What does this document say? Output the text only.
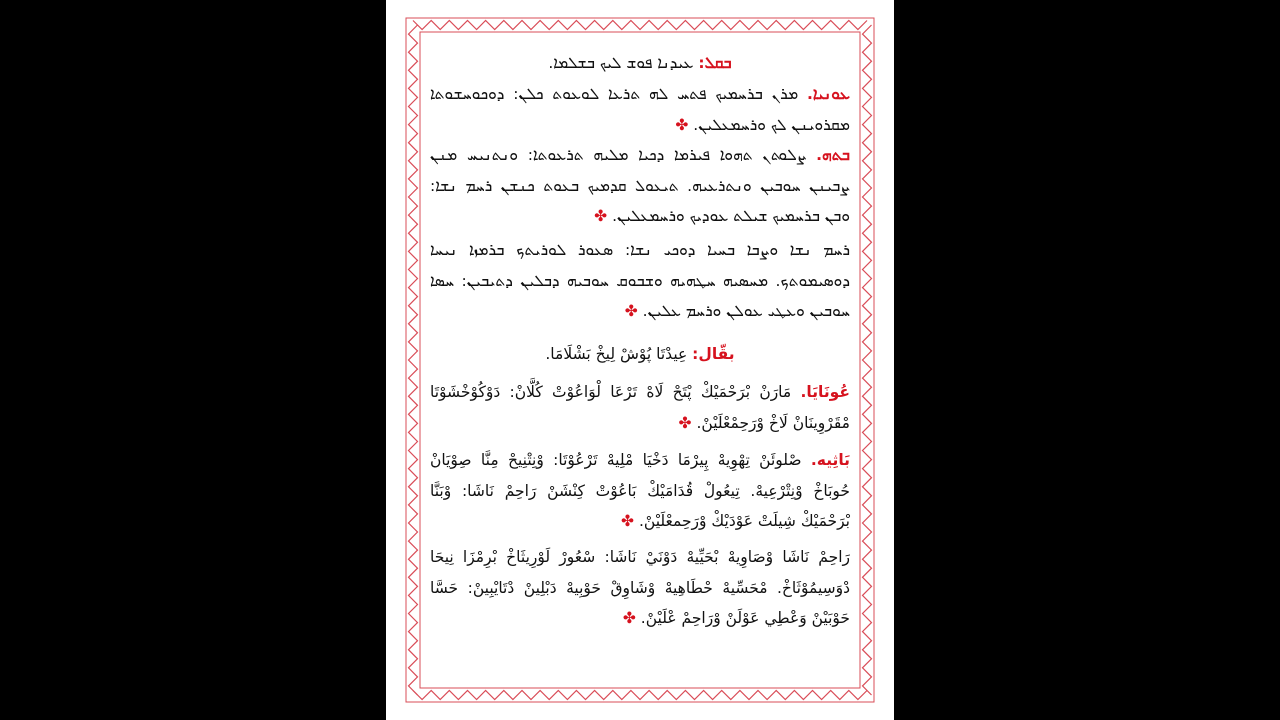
ܒܩܠ: ܥܝܕܢܐ ܦܘܫ ܠܝܟ ܒܫܠܡܐ.
ܥܘܢܝܐ. ܡܪܢ ܒܪܚܡܝܟ ܦܬܚ ܠܗ ܬܪܥܐ ܠܘܥܘܬ ܟܠܢ: ܕܘܟܘܚܫܘܬܐ ܡܩܪܘܝܢܢ ܠܟ ܘܪܚܡܥܠܝܢ. ✤
ܒܬܗ. ܨܠܘܬܢ ܬܗܘܐ ܦܝܪܡܐ ܕܟܝܐ ܡܠܝܗ ܬܪܥܘܬܐ: ܘܢܬܢܝܚ ܡܢܢ ܨܒܝܢܢ ܚܘܒܝܢ ܘܢܬܪܥܝܗ. ܬܝܥܘܠ ܩܕܡܝܟ ܒܥܘܬ ܟܢܫܢ ܪܚܡ ܢܫܐ: ܘܒܢ ܒܪܚܡܝܟ ܫܝܠܬ ܥܘܕܝܟ ܘܪܚܡܥܠܝܢ. ✤
ܪܚܡ ܢܫܐ ܘܨܒܐ ܒܚܝܐ ܕܘܟܝ ܢܫܐ: ܣܥܘܪ ܠܘܪܝܬܟ ܒܪܡܙܐ ܢܝܚܐ ܕܘܣܝܡܘܬܟ. ܡܚܣܝܗ ܚܛܗܝܗ ܘܫܒܘܩ ܚܘܒܝܗ ܕܒܠܝܢ ܕܬܝܒܝܢ: ܚܣܐ ܚܘܒܝܢ ܘܥܛܝ ܥܘܠܢ ܘܪܚܡ ܥܠܝܢ. ✤
بقّال: عِيدْتَا پُوْشْ لِيخْ بَشْلَامَا.
عُونَايَا. مَارَنْ بْرَحْمَيْكْ پْتَحْ لَاهْ تَرْعَا لْوَاعُوْتْ كُلَّانْ: دَوْكُوْخْشَوْتَا مْقَرْوِينَانْ لَاخْ وْرَحِمْعْلَيْنْ. ✤
بَاثِيه. صْلوئَنْ تِهْوِيهْ پِيرْمَا دَخْيَا مْلِيهْ تَرْعُوْتَا: وْنِتْنِيحْ مِنَّا صِوْيَانْ حُوبَاخْ وْنِتْرْعِيهْ. تِيعُولْ قُدَامَيْكْ بَاعُوْتْ كِنْشَنْ رَاحِمْ نَاشَا: وْبَنَّا بْرَحْمَيْكْ شِيلَتْ عَوْدَيْكْ وْرَحِمعْلَيْنْ. ✤
رَاحِمْ نَاشَا وْصَاوِيهْ بْحَيِّيهْ دَوْنَيْ نَاشَا: سْعُورْ لَوْرِيثَاخْ بْرِمْزَا نِيحَا دْوَسِيمُوْثَاخْ. مْحَسِّيهْ حْطَاهِيهْ وْشَاوِقْ حَوْبِيهْ دَبْلِينْ دْتَايْبِينْ: حَسَّا حَوْبَيْنْ وَعْطِي عَوْلَنْ وْرَاحِمْ عْلَيْنْ. ✤
